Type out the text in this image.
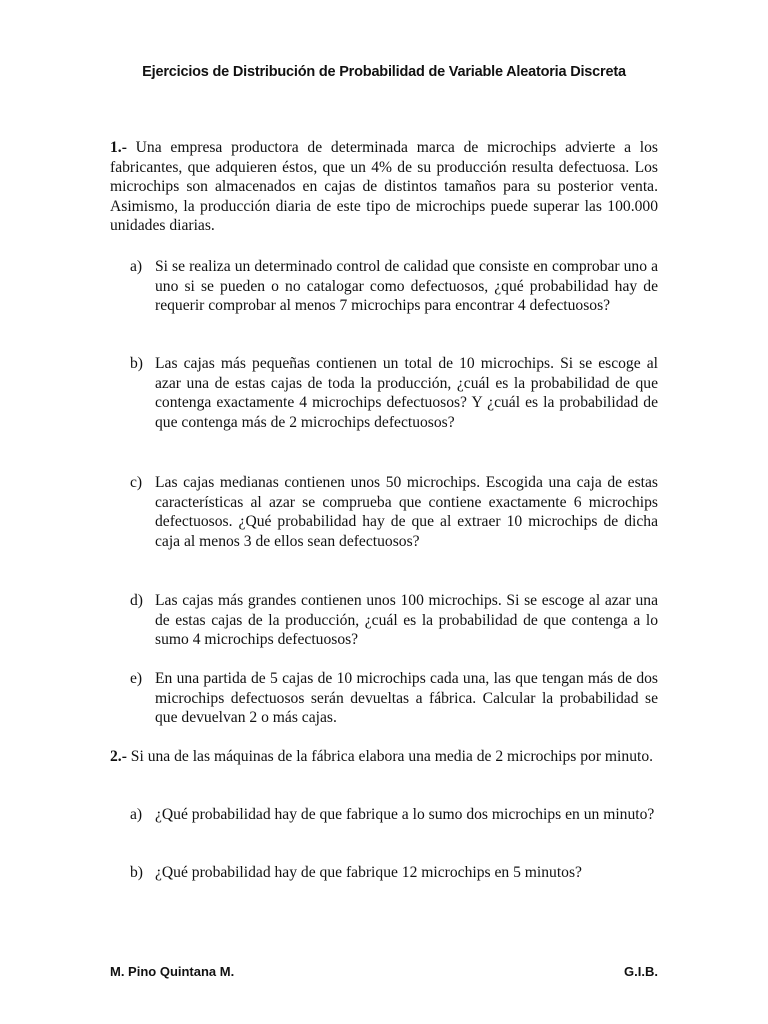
Ejercicios de Distribución de Probabilidad de Variable Aleatoria Discreta
1.- Una empresa productora de determinada marca de microchips advierte a los fabricantes, que adquieren éstos, que un 4% de su producción resulta defectuosa. Los microchips son almacenados en cajas de distintos tamaños para su posterior venta. Asimismo, la producción diaria de este tipo de microchips puede superar las 100.000 unidades diarias.
a) Si se realiza un determinado control de calidad que consiste en comprobar uno a uno si se pueden o no catalogar como defectuosos, ¿qué probabilidad hay de requerir comprobar al menos 7 microchips para encontrar 4 defectuosos?
b) Las cajas más pequeñas contienen un total de 10 microchips. Si se escoge al azar una de estas cajas de toda la producción, ¿cuál es la probabilidad de que contenga exactamente 4 microchips defectuosos? Y ¿cuál es la probabilidad de que contenga más de 2 microchips defectuosos?
c) Las cajas medianas contienen unos 50 microchips. Escogida una caja de estas características al azar se comprueba que contiene exactamente 6 microchips defectuosos. ¿Qué probabilidad hay de que al extraer 10 microchips de dicha caja al menos 3 de ellos sean defectuosos?
d) Las cajas más grandes contienen unos 100 microchips. Si se escoge al azar una de estas cajas de la producción, ¿cuál es la probabilidad de que contenga a lo sumo 4 microchips defectuosos?
e) En una partida de 5 cajas de 10 microchips cada una, las que tengan más de dos microchips defectuosos serán devueltas a fábrica. Calcular la probabilidad se que devuelvan 2 o más cajas.
2.- Si una de las máquinas de la fábrica elabora una media de 2 microchips por minuto.
a) ¿Qué probabilidad hay de que fabrique a lo sumo dos microchips en un minuto?
b) ¿Qué probabilidad hay de que fabrique 12 microchips en 5 minutos?
M. Pino Quintana M.	G.I.B.
